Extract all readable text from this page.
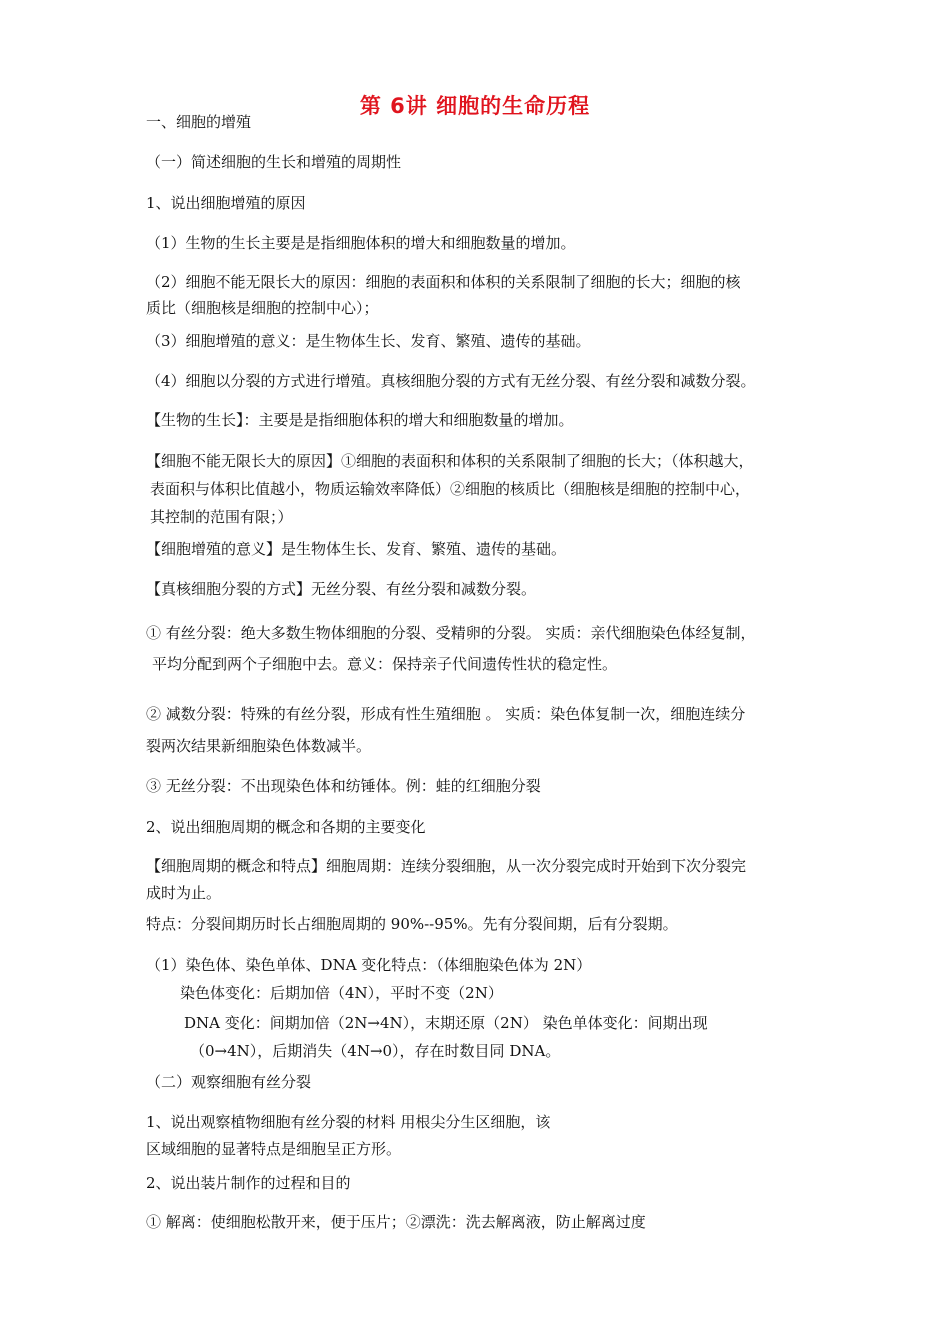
第 6讲 细胞的生命历程
一、细胞的增殖
（一）简述细胞的生长和增殖的周期性
1、说出细胞增殖的原因
（1）生物的生长主要是是指细胞体积的增大和细胞数量的增加。
（2）细胞不能无限长大的原因：细胞的表面积和体积的关系限制了细胞的长大；细胞的核
质比（细胞核是细胞的控制中心）；
（3）细胞增殖的意义：是生物体生长、发育、繁殖、遗传的基础。
（4）细胞以分裂的方式进行增殖。真核细胞分裂的方式有无丝分裂、有丝分裂和减数分裂。
【生物的生长】：主要是是指细胞体积的增大和细胞数量的增加。
【细胞不能无限长大的原因】①细胞的表面积和体积的关系限制了细胞的长大；（体积越大，
表面积与体积比值越小，物质运输效率降低）②细胞的核质比（细胞核是细胞的控制中心，
其控制的范围有限；）
【细胞增殖的意义】是生物体生长、发育、繁殖、遗传的基础。
【真核细胞分裂的方式】无丝分裂、有丝分裂和减数分裂。
① 有丝分裂：绝大多数生物体细胞的分裂、受精卵的分裂。 实质：亲代细胞染色体经复制，
平均分配到两个子细胞中去。意义：保持亲子代间遗传性状的稳定性。
② 减数分裂：特殊的有丝分裂，形成有性生殖细胞 。 实质：染色体复制一次，细胞连续分
裂两次结果新细胞染色体数减半。
③ 无丝分裂：不出现染色体和纺锤体。例：蛙的红细胞分裂
2、说出细胞周期的概念和各期的主要变化
【细胞周期的概念和特点】细胞周期：连续分裂细胞，从一次分裂完成时开始到下次分裂完
成时为止。
特点：分裂间期历时长占细胞周期的 90%--95%。先有分裂间期，后有分裂期。
（1）染色体、染色单体、DNA 变化特点：（体细胞染色体为 2N）
染色体变化：后期加倍（4N），平时不变（2N）
DNA 变化：间期加倍（2N→4N），末期还原（2N） 染色单体变化：间期出现
（0→4N），后期消失（4N→0），存在时数目同 DNA。
（二）观察细胞有丝分裂
1、说出观察植物细胞有丝分裂的材料 用根尖分生区细胞，该
区域细胞的显著特点是细胞呈正方形。
2、说出装片制作的过程和目的
① 解离：使细胞松散开来，便于压片；②漂洗：洗去解离液，防止解离过度
